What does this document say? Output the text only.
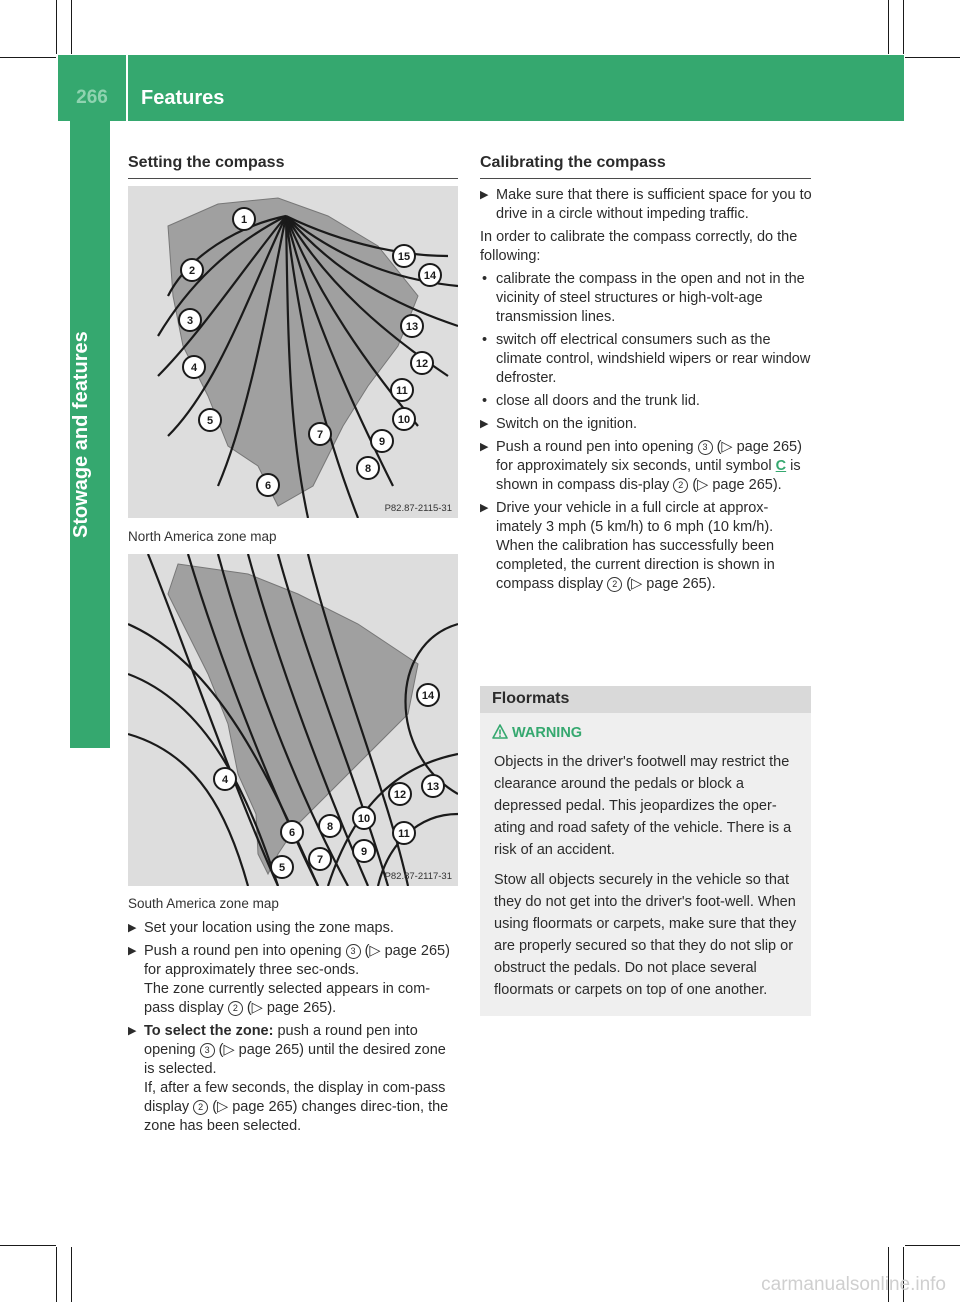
266	Features
Stowage and features
Setting the compass
1
2
3
4
5
6
7
8
9
10
11
12
13
14
15
P82.87-2115-31
North America zone map
4
5
6
7
8
9
10
11
12
13
14
P82.87-2117-31
South America zone map
▶ Set your location using the zone maps.
▶ Push a round pen into opening 3 (▷ page 265) for approximately three sec-onds.
The zone currently selected appears in com-pass display 2 (▷ page 265).
▶ To select the zone: push a round pen into opening 3 (▷ page 265) until the desired zone is selected.
If, after a few seconds, the display in com-pass display 2 (▷ page 265) changes direc-tion, the zone has been selected.
Calibrating the compass
▶ Make sure that there is sufficient space for you to drive in a circle without impeding traffic.
In order to calibrate the compass correctly, do the following:
• calibrate the compass in the open and not in the vicinity of steel structures or high-volt-age transmission lines.
• switch off electrical consumers such as the climate control, windshield wipers or rear window defroster.
• close all doors and the trunk lid.
▶ Switch on the ignition.
▶ Push a round pen into opening 3 (▷ page 265) for approximately six seconds, until symbol C is shown in compass dis-play 2 (▷ page 265).
▶ Drive your vehicle in a full circle at approx-imately 3 mph (5 km/h) to 6 mph (10 km/h).
When the calibration has successfully been completed, the current direction is shown in compass display 2 (▷ page 265).
Floormats
WARNING

Objects in the driver's footwell may restrict the clearance around the pedals or block a depressed pedal. This jeopardizes the oper-ating and road safety of the vehicle. There is a risk of an accident.

Stow all objects securely in the vehicle so that they do not get into the driver's foot-well. When using floormats or carpets, make sure that they are properly secured so that they do not slip or obstruct the pedals. Do not place several floormats or carpets on top of one another.

carmanualsonline.info
